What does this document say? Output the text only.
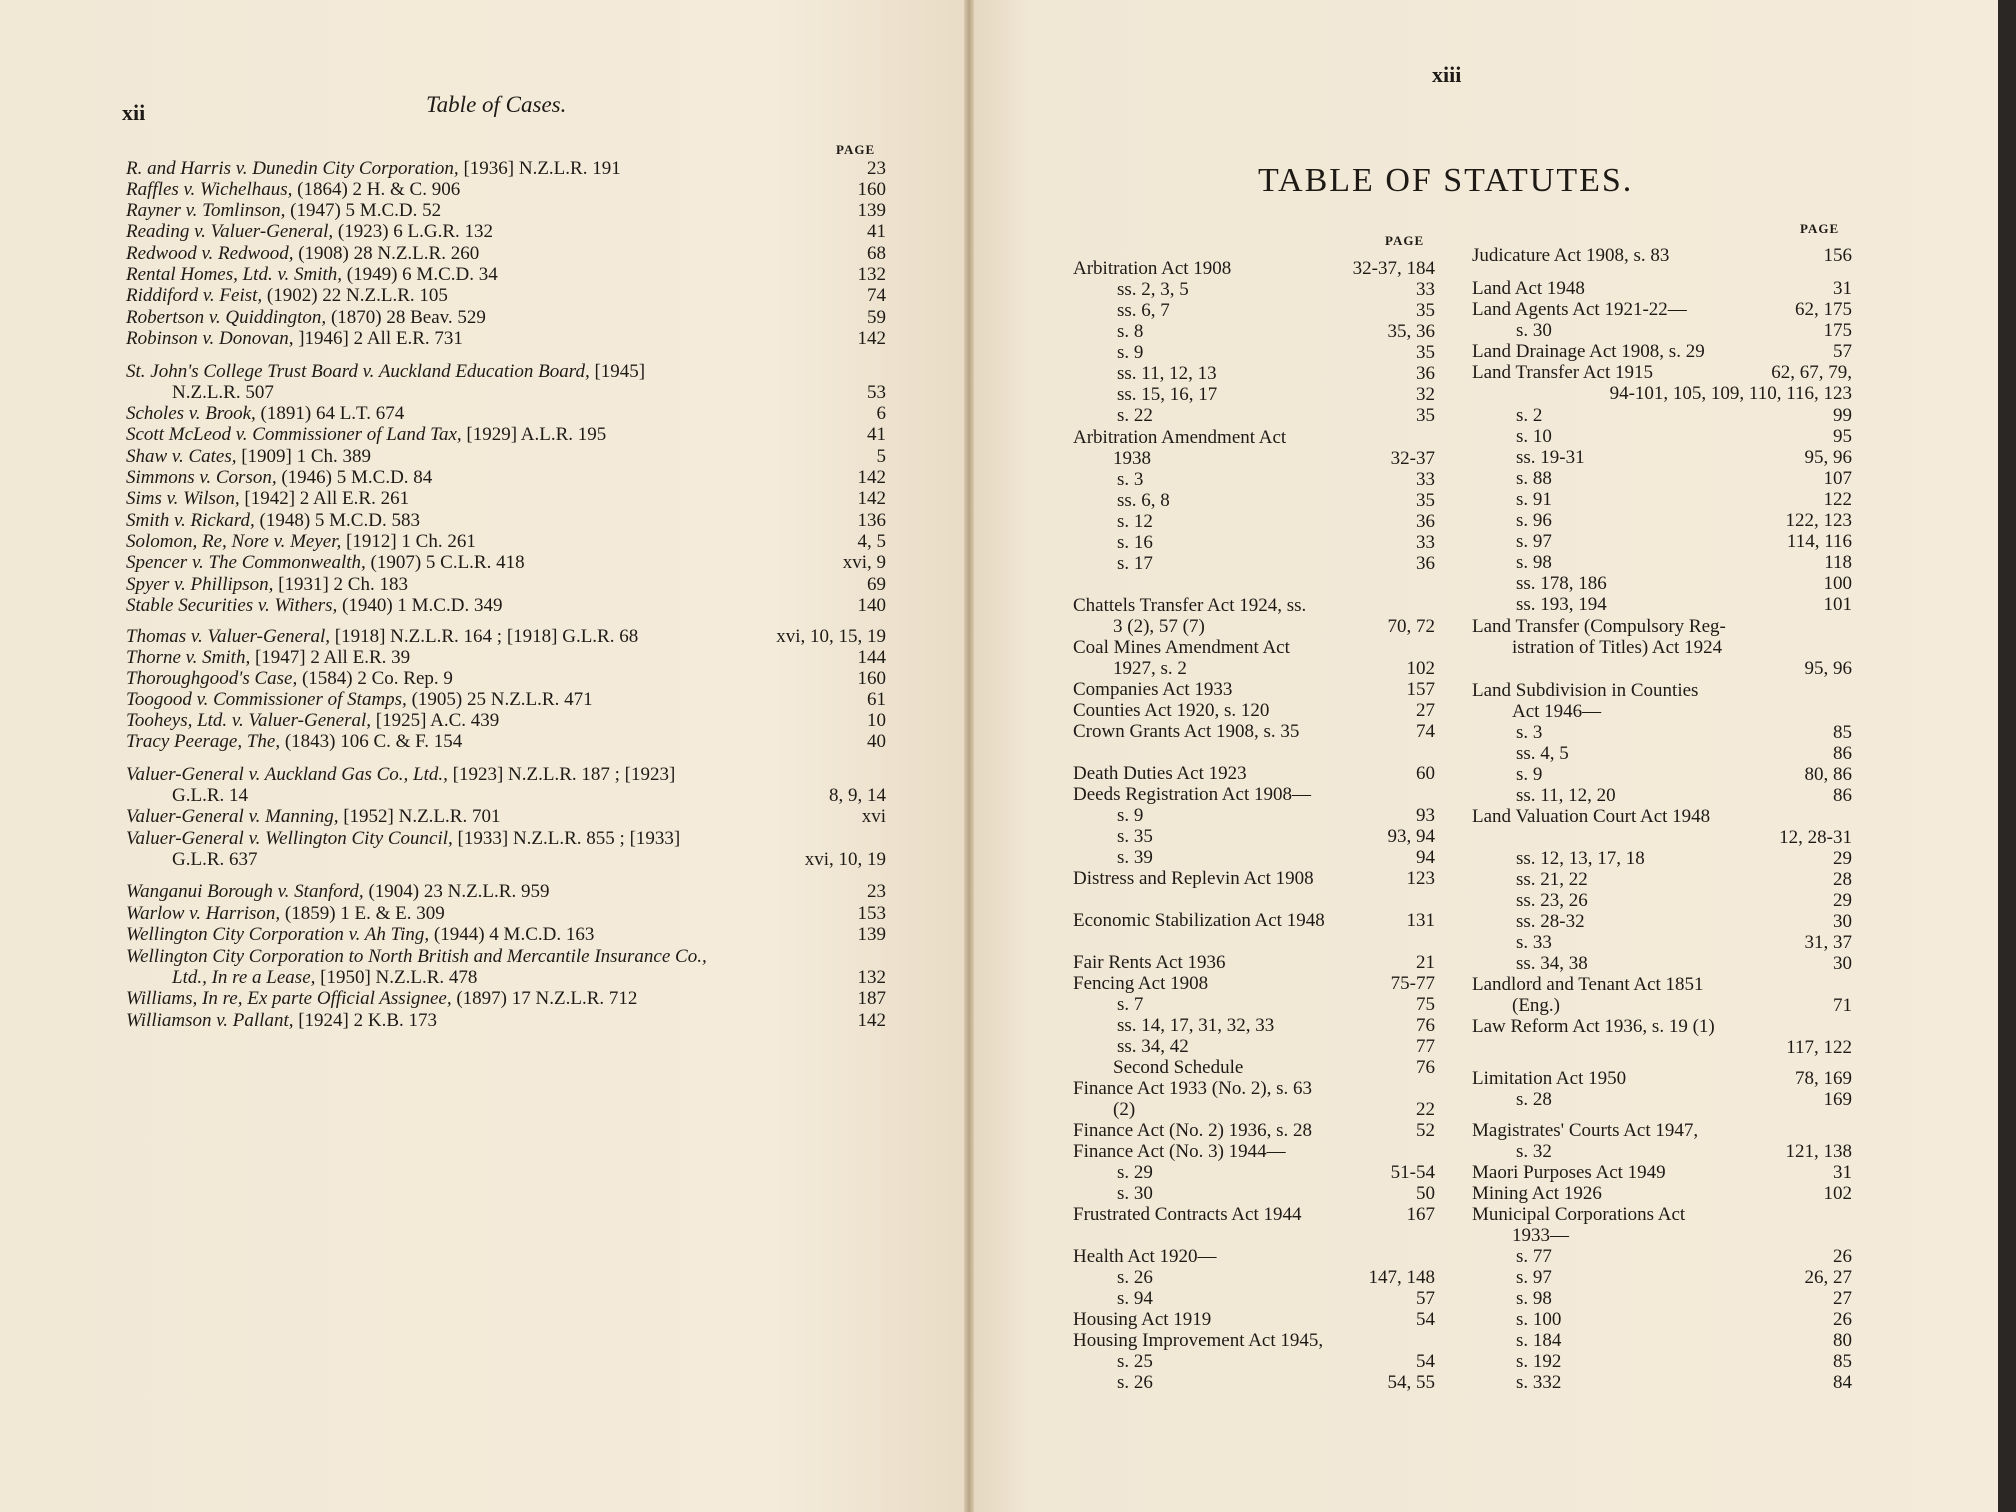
xii	Table of Cases.
PAGE
R. and Harris v. Dunedin City Corporation, [1936] N.Z.L.R. 191	23
Raffles v. Wichelhaus, (1864) 2 H. & C. 906	160
Rayner v. Tomlinson, (1947) 5 M.C.D. 52	139
Reading v. Valuer-General, (1923) 6 L.G.R. 132	41
Redwood v. Redwood, (1908) 28 N.Z.L.R. 260	68
Rental Homes, Ltd. v. Smith, (1949) 6 M.C.D. 34	132
Riddiford v. Feist, (1902) 22 N.Z.L.R. 105	74
Robertson v. Quiddington, (1870) 28 Beav. 529	59
Robinson v. Donovan, ]1946] 2 All E.R. 731	142
St. John's College Trust Board v. Auckland Education Board, [1945]
N.Z.L.R. 507	53
Scholes v. Brook, (1891) 64 L.T. 674	6
Scott McLeod v. Commissioner of Land Tax, [1929] A.L.R. 195	41
Shaw v. Cates, [1909] 1 Ch. 389	5
Simmons v. Corson, (1946) 5 M.C.D. 84	142
Sims v. Wilson, [1942] 2 All E.R. 261	142
Smith v. Rickard, (1948) 5 M.C.D. 583	136
Solomon, Re, Nore v. Meyer, [1912] 1 Ch. 261	4, 5
Spencer v. The Commonwealth, (1907) 5 C.L.R. 418	xvi, 9
Spyer v. Phillipson, [1931] 2 Ch. 183	69
Stable Securities v. Withers, (1940) 1 M.C.D. 349	140
Thomas v. Valuer-General, [1918] N.Z.L.R. 164 ; [1918] G.L.R. 68	xvi, 10, 15, 19
Thorne v. Smith, [1947] 2 All E.R. 39	144
Thoroughgood's Case, (1584) 2 Co. Rep. 9	160
Toogood v. Commissioner of Stamps, (1905) 25 N.Z.L.R. 471	61
Tooheys, Ltd. v. Valuer-General, [1925] A.C. 439	10
Tracy Peerage, The, (1843) 106 C. & F. 154	40
Valuer-General v. Auckland Gas Co., Ltd., [1923] N.Z.L.R. 187 ; [1923]
G.L.R. 14	8, 9, 14
Valuer-General v. Manning, [1952] N.Z.L.R. 701	xvi
Valuer-General v. Wellington City Council, [1933] N.Z.L.R. 855 ; [1933]
G.L.R. 637	xvi, 10, 19
Wanganui Borough v. Stanford, (1904) 23 N.Z.L.R. 959	23
Warlow v. Harrison, (1859) 1 E. & E. 309	153
Wellington City Corporation v. Ah Ting, (1944) 4 M.C.D. 163	139
Wellington City Corporation to North British and Mercantile Insurance Co.,
Ltd., In re a Lease, [1950] N.Z.L.R. 478	132
Williams, In re, Ex parte Official Assignee, (1897) 17 N.Z.L.R. 712	187
Williamson v. Pallant, [1924] 2 K.B. 173	142
xiii
TABLE OF STATUTES.
PAGE
PAGE
Arbitration Act 1908	32-37, 184
ss. 2, 3, 5	33
ss. 6, 7	35
s. 8	35, 36
s. 9	35
ss. 11, 12, 13	36
ss. 15, 16, 17	32
s. 22	35
Arbitration Amendment Act
1938	32-37
s. 3	33
ss. 6, 8	35
s. 12	36
s. 16	33
s. 17	36
Chattels Transfer Act 1924, ss.
3 (2), 57 (7)	70, 72
Coal Mines Amendment Act
1927, s. 2	102
Companies Act 1933	157
Counties Act 1920, s. 120	27
Crown Grants Act 1908, s. 35	74
Death Duties Act 1923	60
Deeds Registration Act 1908—
s. 9	93
s. 35	93, 94
s. 39	94
Distress and Replevin Act 1908	123
Economic Stabilization Act 1948	131
Fair Rents Act 1936	21
Fencing Act 1908	75-77
s. 7	75
ss. 14, 17, 31, 32, 33	76
ss. 34, 42	77
Second Schedule	76
Finance Act 1933 (No. 2), s. 63
(2)	22
Finance Act (No. 2) 1936, s. 28	52
Finance Act (No. 3) 1944—
s. 29	51-54
s. 30	50
Frustrated Contracts Act 1944	167
Health Act 1920—
s. 26	147, 148
s. 94	57
Housing Act 1919	54
Housing Improvement Act 1945,
s. 25	54
s. 26	54, 55
Judicature Act 1908, s. 83	156
Land Act 1948	31
Land Agents Act 1921-22—	62, 175
s. 30	175
Land Drainage Act 1908, s. 29	57
Land Transfer Act 1915	62, 67, 79,
94-101, 105, 109, 110, 116, 123
s. 2	99
s. 10	95
ss. 19-31	95, 96
s. 88	107
s. 91	122
s. 96	122, 123
s. 97	114, 116
s. 98	118
ss. 178, 186	100
ss. 193, 194	101
Land Transfer (Compulsory Reg-
istration of Titles) Act 1924
95, 96
Land Subdivision in Counties
Act 1946—
s. 3	85
ss. 4, 5	86
s. 9	80, 86
ss. 11, 12, 20	86
Land Valuation Court Act 1948
12, 28-31
ss. 12, 13, 17, 18	29
ss. 21, 22	28
ss. 23, 26	29
ss. 28-32	30
s. 33	31, 37
ss. 34, 38	30
Landlord and Tenant Act 1851
(Eng.)	71
Law Reform Act 1936, s. 19 (1)
117, 122
Limitation Act 1950	78, 169
s. 28	169
Magistrates' Courts Act 1947,
s. 32	121, 138
Maori Purposes Act 1949	31
Mining Act 1926	102
Municipal Corporations Act
1933—
s. 77	26
s. 97	26, 27
s. 98	27
s. 100	26
s. 184	80
s. 192	85
s. 332	84
